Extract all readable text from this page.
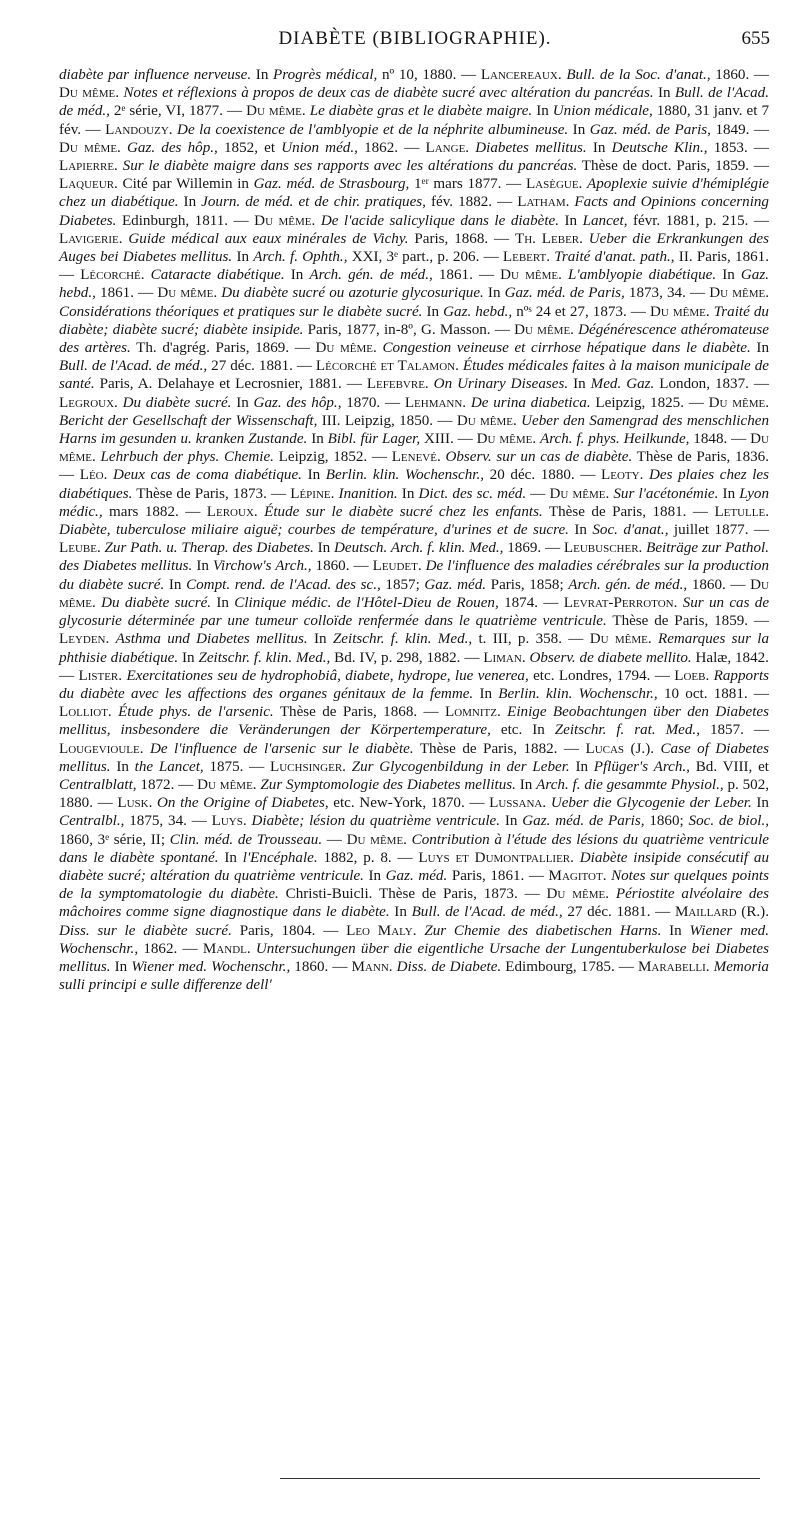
DIABÈTE (BIBLIOGRAPHIE).	655

diabète par influence nerveuse. In Progrès médical, nº 10, 1880. — Lancereaux. Bull. de la Soc. d'anat., 1860. — Du même. Notes et réflexions à propos de deux cas de diabète sucré avec altération du pancréas. In Bull. de l'Acad. de méd., 2ᵉ série, VI, 1877. — Du même. Le diabète gras et le diabète maigre. In Union médicale, 1880, 31 janv. et 7 fév. — Landouzy. De la coexistence de l'amblyopie et de la néphrite albumineuse. In Gaz. méd. de Paris, 1849. — Du même. Gaz. des hôp., 1852, et Union méd., 1862. — Lange. Diabetes mellitus. In Deutsche Klin., 1853. — Lapierre. Sur le diabète maigre dans ses rapports avec les altérations du pancréas. Thèse de doct. Paris, 1859. — Laqueur. Cité par Willemin in Gaz. méd. de Strasbourg, 1ᵉʳ mars 1877. — Lasègue. Apoplexie suivie d'hémiplégie chez un diabétique. In Journ. de méd. et de chir. pratiques, fév. 1882. — Latham. Facts and Opinions concerning Diabetes. Edinburgh, 1811. — Du même. De l'acide salicylique dans le diabète. In Lancet, févr. 1881, p. 215. — Lavigerie. Guide médical aux eaux minérales de Vichy. Paris, 1868. — Th. Leber. Ueber die Erkrankungen des Auges bei Diabetes mellitus. In Arch. f. Ophth., XXI, 3ᵉ part., p. 206. — Lebert. Traité d'anat. path., II. Paris, 1861. — Lécorché. Cataracte diabétique. In Arch. gén. de méd., 1861. — Du même. L'amblyopie diabétique. In Gaz. hebd., 1861. — Du même. Du diabète sucré ou azoturie glycosurique. In Gaz. méd. de Paris, 1873, 34. — Du même. Considérations théoriques et pratiques sur le diabète sucré. In Gaz. hebd., nºˢ 24 et 27, 1873. — Du même. Traité du diabète; diabète sucré; diabète insipide. Paris, 1877, in-8º, G. Masson. — Du même. Dégénérescence athéromateuse des artères. Th. d'agrég. Paris, 1869. — Du même. Congestion veineuse et cirrhose hépatique dans le diabète. In Bull. de l'Acad. de méd., 27 déc. 1881. — Lécorché et Talamon. Études médicales faites à la maison municipale de santé. Paris, A. Delahaye et Lecrosnier, 1881. — Lefebvre. On Urinary Diseases. In Med. Gaz. London, 1837. — Legroux. Du diabète sucré. In Gaz. des hôp., 1870. — Lehmann. De urina diabetica. Leipzig, 1825. — Du même. Bericht der Gesellschaft der Wissenschaft, III. Leipzig, 1850. — Du même. Ueber den Samengrad des menschlichen Harns im gesunden u. kranken Zustande. In Bibl. für Lager, XIII. — Du même. Arch. f. phys. Heilkunde, 1848. — Du même. Lehrbuch der phys. Chemie. Leipzig, 1852. — Lenevé. Observ. sur un cas de diabète. Thèse de Paris, 1836. — Léo. Deux cas de coma diabétique. In Berlin. klin. Wochenschr., 20 déc. 1880. — Leoty. Des plaies chez les diabétiques. Thèse de Paris, 1873. — Lépine. Inanition. In Dict. des sc. méd. — Du même. Sur l'acétonémie. In Lyon médic., mars 1882. — Leroux. Étude sur le diabète sucré chez les enfants. Thèse de Paris, 1881. — Letulle. Diabète, tuberculose miliaire aiguë; courbes de température, d'urines et de sucre. In Soc. d'anat., juillet 1877. — Leube. Zur Path. u. Therap. des Diabetes. In Deutsch. Arch. f. klin. Med., 1869. — Leubuscher. Beiträge zur Pathol. des Diabetes mellitus. In Virchow's Arch., 1860. — Leudet. De l'influence des maladies cérébrales sur la production du diabète sucré. In Compt. rend. de l'Acad. des sc., 1857; Gaz. méd. Paris, 1858; Arch. gén. de méd., 1860. — Du même. Du diabète sucré. In Clinique médic. de l'Hôtel-Dieu de Rouen, 1874. — Levrat-Perroton. Sur un cas de glycosurie déterminée par une tumeur colloïde renfermée dans le quatrième ventricule. Thèse de Paris, 1859. — Leyden. Asthma und Diabetes mellitus. In Zeitschr. f. klin. Med., t. III, p. 358. — Du même. Remarques sur la phthisie diabétique. In Zeitschr. f. klin. Med., Bd. IV, p. 298, 1882. — Liman. Observ. de diabete mellito. Halæ, 1842. — Lister. Exercitationes seu de hydrophobiâ, diabete, hydrope, lue venerea, etc. Londres, 1794. — Loeb. Rapports du diabète avec les affections des organes génitaux de la femme. In Berlin. klin. Wochenschr., 10 oct. 1881. — Lolliot. Étude phys. de l'arsenic. Thèse de Paris, 1868. — Lomnitz. Einige Beobachtungen über den Diabetes mellitus, insbesondere die Veränderungen der Körpertemperature, etc. In Zeitschr. f. rat. Med., 1857. — Lougevioule. De l'influence de l'arsenic sur le diabète. Thèse de Paris, 1882. — Lucas (J.). Case of Diabetes mellitus. In the Lancet, 1875. — Luchsinger. Zur Glycogenbildung in der Leber. In Pflüger's Arch., Bd. VIII, et Centralblatt, 1872. — Du même. Zur Symptomologie des Diabetes mellitus. In Arch. f. die gesammte Physiol., p. 502, 1880. — Lusk. On the Origine of Diabetes, etc. New-York, 1870. — Lussana. Ueber die Glycogenie der Leber. In Centralbl., 1875, 34. — Luys. Diabète; lésion du quatrième ventricule. In Gaz. méd. de Paris, 1860; Soc. de biol., 1860, 3ᵉ série, II; Clin. méd. de Trousseau. — Du même. Contribution à l'étude des lésions du quatrième ventricule dans le diabète spontané. In l'Encéphale. 1882, p. 8. — Luys et Dumontpallier. Diabète insipide consécutif au diabète sucré; altération du quatrième ventricule. In Gaz. méd. Paris, 1861. — Magitot. Notes sur quelques points de la symptomatologie du diabète. Christi-Buicli. Thèse de Paris, 1873. — Du même. Périostite alvéolaire des mâchoires comme signe diagnostique dans le diabète. In Bull. de l'Acad. de méd., 27 déc. 1881. — Maillard (R.). Diss. sur le diabète sucré. Paris, 1804. — Leo Maly. Zur Chemie des diabetischen Harns. In Wiener med. Wochenschr., 1862. — Mandl. Untersuchungen über die eigentliche Ursache der Lungentuberkulose bei Diabetes mellitus. In Wiener med. Wochenschr., 1860. — Mann. Diss. de Diabete. Edimbourg, 1785. — Marabelli. Memoria sulli principi e sulle differenze dell'
